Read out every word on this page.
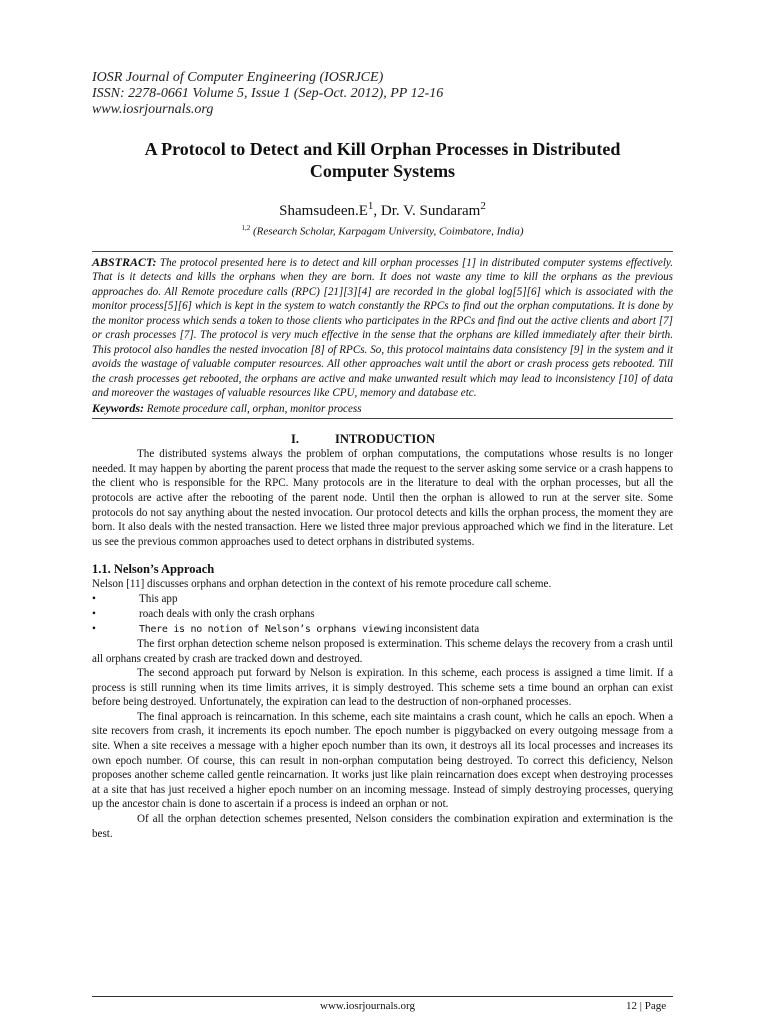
IOSR Journal of Computer Engineering (IOSRJCE)
ISSN: 2278-0661 Volume 5, Issue 1 (Sep-Oct. 2012), PP 12-16
www.iosrjournals.org
A Protocol to Detect and Kill Orphan Processes in Distributed
Computer Systems
$Shamsudeen.E^1$, Dr. V. Sundaram$^2$
$^{1,2}$ (Research Scholar, Karpagam University, Coimbatore, India)
ABSTRACT: The protocol presented here is to detect and kill orphan processes [1] in distributed computer systems effectively. That is it detects and kills the orphans when they are born. It does not waste any time to kill the orphans as the previous approaches do. All Remote procedure calls (RPC) [21][3][4] are recorded in the global log[5][6] which is associated with the monitor process[5][6] which is kept in the system to watch constantly the RPCs to find out the orphan computations. It is done by the monitor process which sends a token to those clients who participates in the RPCs and find out the active clients and abort [7] or crash processes [7]. The protocol is very much effective in the sense that the orphans are killed immediately after their birth. This protocol also handles the nested invocation [8] of RPCs. So, this protocol maintains data consistency [9] in the system and it avoids the wastage of valuable computer resources. All other approaches wait until the abort or crash process gets rebooted. Till the crash processes get rebooted, the orphans are active and make unwanted result which may lead to inconsistency [10] of data and moreover the wastages of valuable resources like CPU, memory and database etc.
Keywords: Remote procedure call, orphan, monitor process
I.	INTRODUCTION

The distributed systems always the problem of orphan computations, the computations whose results is no longer needed. It may happen by aborting the parent process that made the request to the server asking some service or a crash happens to the client who is responsible for the RPC. Many protocols are in the literature to deal with the orphan processes, but all the protocols are active after the rebooting of the parent node. Until then the orphan is allowed to run at the server site. Some protocols do not say anything about the nested invocation. Our protocol detects and kills the orphan process, the moment they are born. It also deals with the nested transaction. Here we listed three major previous approached which we find in the literature. Let us see the previous common approaches used to detect orphans in distributed systems.

1.1. Nelson’s Approach

Nelson [11] discusses orphans and orphan detection in the context of his remote procedure call scheme.

•	This app
•	roach deals with only the crash orphans
•	There is no notion of Nelson’s orphans viewing inconsistent data

The first orphan detection scheme nelson proposed is extermination. This scheme delays the recovery from a crash until all orphans created by crash are tracked down and destroyed.

The second approach put forward by Nelson is expiration. In this scheme, each process is assigned a time limit. If a process is still running when its time limits arrives, it is simply destroyed. This scheme sets a time bound an orphan can exist before being destroyed. Unfortunately, the expiration can lead to the destruction of non-orphaned processes.

The final approach is reincarnation. In this scheme, each site maintains a crash count, which he calls an epoch. When a site recovers from crash, it increments its epoch number. The epoch number is piggybacked on every outgoing message from a site. When a site receives a message with a higher epoch number than its own, it destroys all its local processes and increases its own epoch number. Of course, this can result in non-orphan computation being destroyed. To correct this deficiency, Nelson proposes another scheme called gentle reincarnation. It works just like plain reincarnation does except when destroying processes at a site that has just received a higher epoch number on an incoming message. Instead of simply destroying processes, querying up the ancestor chain is done to ascertain if a process is indeed an orphan or not.

Of all the orphan detection schemes presented, Nelson considers the combination expiration and extermination is the best.

www.iosrjournals.org	12 | Page
